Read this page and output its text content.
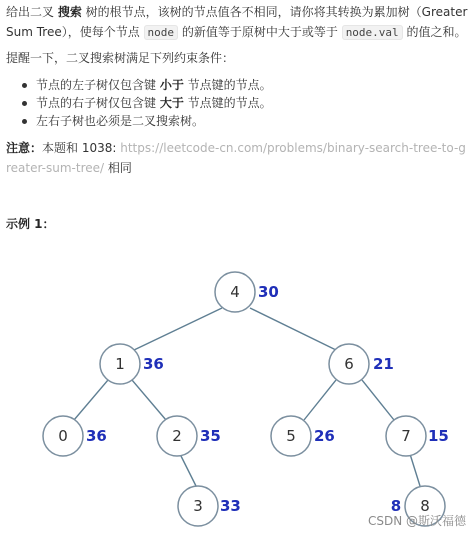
给出二叉 搜索 树的根节点，该树的节点值各不相同，请你将其转换为累加树（Greater Sum Tree），使每个节点 node 的新值等于原树中大于或等于 node.val 的值之和。
提醒一下，二叉搜索树满足下列约束条件：
节点的左子树仅包含键 小于 节点键的节点。
节点的右子树仅包含键 大于 节点键的节点。
左右子树也必须是二叉搜索树。
注意：本题和 1038: https://leetcode-cn.com/problems/binary-search-tree-to-greater-sum-tree/ 相同
示例 1：
4 30
1 36	6 21
0 36	2 35	5 26	7 15
3 33	8
8
CSDN @斯沃福德
